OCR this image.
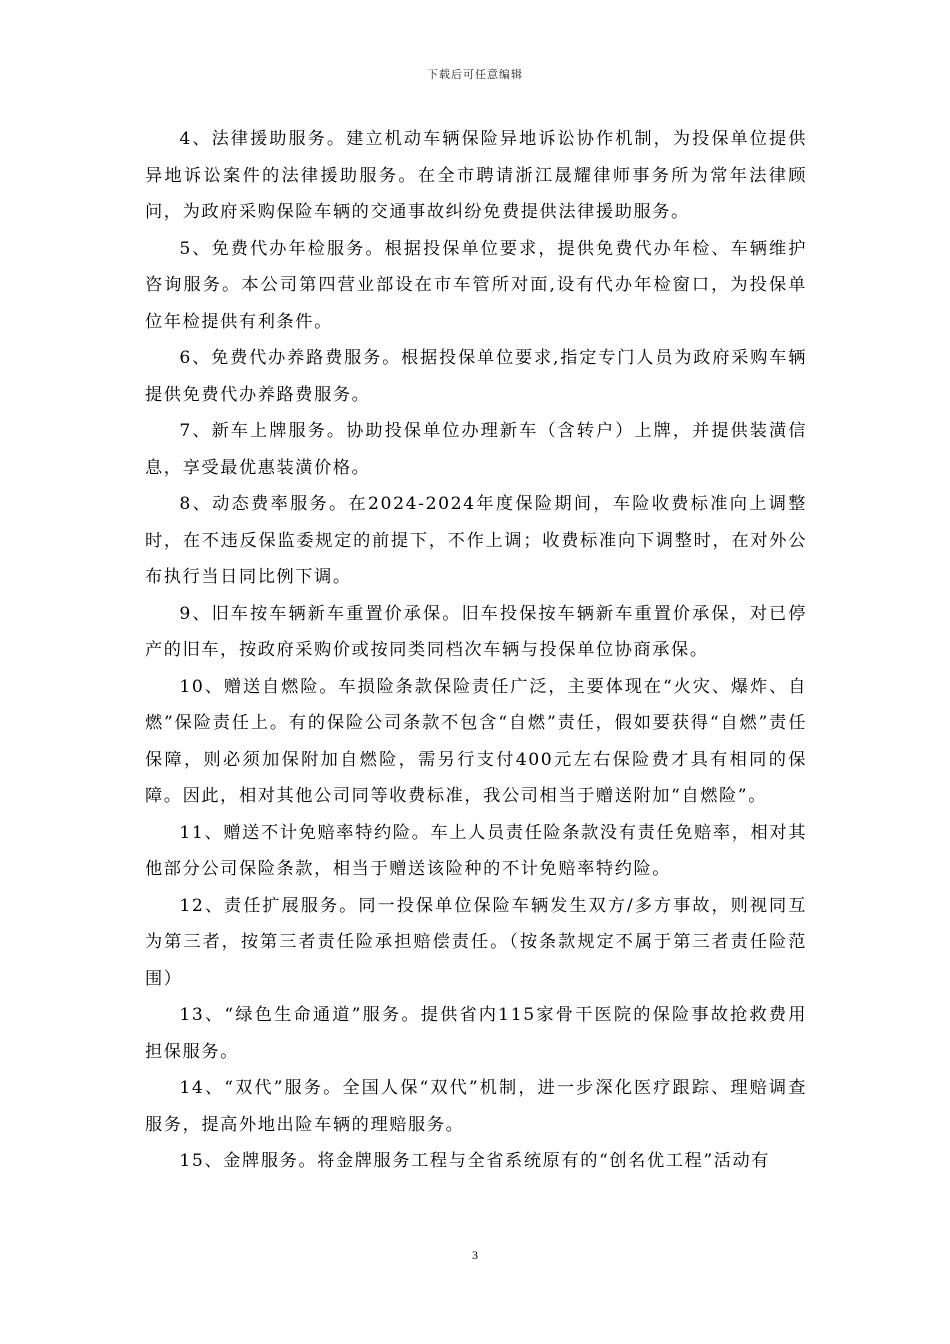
下载后可任意编辑

4、法律援助服务。建立机动车辆保险异地诉讼协作机制，为投保单位提供异地诉讼案件的法律援助服务。在全市聘请浙江晟耀律师事务所为常年法律顾问，为政府采购保险车辆的交通事故纠纷免费提供法律援助服务。

5、免费代办年检服务。根据投保单位要求，提供免费代办年检、车辆维护咨询服务。本公司第四营业部设在市车管所对面,设有代办年检窗口，为投保单位年检提供有利条件。

6、免费代办养路费服务。根据投保单位要求,指定专门人员为政府采购车辆提供免费代办养路费服务。

7、新车上牌服务。协助投保单位办理新车（含转户）上牌，并提供装潢信息，享受最优惠装潢价格。

8、动态费率服务。在2024-2024年度保险期间，车险收费标准向上调整时，在不违反保监委规定的前提下，不作上调；收费标准向下调整时，在对外公布执行当日同比例下调。

9、旧车按车辆新车重置价承保。旧车投保按车辆新车重置价承保，对已停产的旧车，按政府采购价或按同类同档次车辆与投保单位协商承保。

10、赠送自燃险。车损险条款保险责任广泛，主要体现在“火灾、爆炸、自燃”保险责任上。有的保险公司条款不包含“自燃”责任，假如要获得“自燃”责任保障，则必须加保附加自燃险，需另行支付400元左右保险费才具有相同的保障。因此，相对其他公司同等收费标准，我公司相当于赠送附加“自燃险”。

11、赠送不计免赔率特约险。车上人员责任险条款没有责任免赔率，相对其他部分公司保险条款，相当于赠送该险种的不计免赔率特约险。

12、责任扩展服务。同一投保单位保险车辆发生双方/多方事故，则视同互为第三者，按第三者责任险承担赔偿责任。（按条款规定不属于第三者责任险范围）

13、“绿色生命通道”服务。提供省内115家骨干医院的保险事故抢救费用担保服务。

14、“双代”服务。全国人保“双代”机制，进一步深化医疗跟踪、理赔调查服务，提高外地出险车辆的理赔服务。

15、金牌服务。将金牌服务工程与全省系统原有的“创名优工程”活动有

3
